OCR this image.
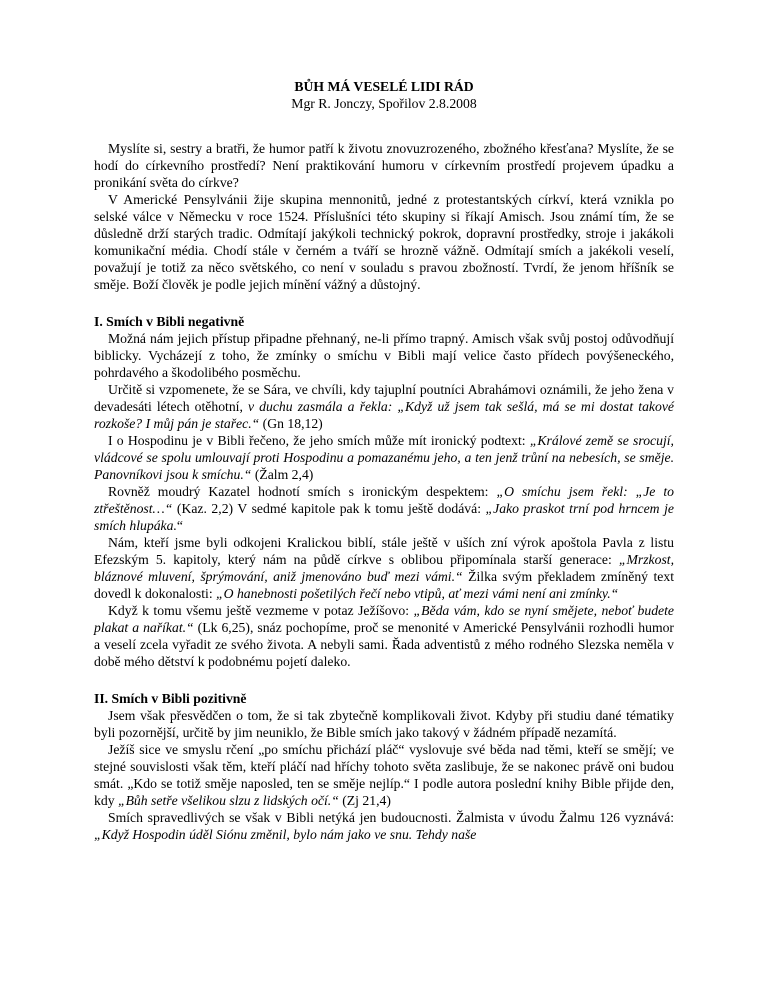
BŮH MÁ VESELÉ LIDI RÁD
Mgr R. Jonczy, Spořilov 2.8.2008

Myslíte si, sestry a bratři, že humor patří k životu znovuzrozeného, zbožného křesťana? Myslíte, že se hodí do církevního prostředí? Není praktikování humoru v církevním prostředí projevem úpadku a pronikání světa do církve?

V Americké Pensylvánii žije skupina mennonitů, jedné z protestantských církví, která vznikla po selské válce v Německu v roce 1524. Příslušníci této skupiny si říkají Amisch. Jsou známí tím, že se důsledně drží starých tradic. Odmítají jakýkoli technický pokrok, dopravní prostředky, stroje i jakákoli komunikační média. Chodí stále v černém a tváří se hrozně vážně. Odmítají smích a jakékoli veselí, považují je totiž za něco světského, co není v souladu s pravou zbožností. Tvrdí, že jenom hříšník se směje. Boží člověk je podle jejich mínění vážný a důstojný.

I. Smích v Bibli negativně

Možná nám jejich přístup připadne přehnaný, ne-li přímo trapný. Amisch však svůj postoj odůvodňují biblicky. Vycházejí z toho, že zmínky o smíchu v Bibli mají velice často přídech povýšeneckého, pohrdavého a škodolibého posměchu.

Určitě si vzpomenete, že se Sára, ve chvíli, kdy tajuplní poutníci Abrahámovi oznámili, že jeho žena v devadesáti létech otěhotní, v duchu zasmála a řekla: „Když už jsem tak sešlá, má se mi dostat takové rozkoše? I můj pán je stařec.“ (Gn 18,12)

I o Hospodinu je v Bibli řečeno, že jeho smích může mít ironický podtext: „Králové země se srocují, vládcové se spolu umlouvají proti Hospodinu a pomazanému jeho, a ten jenž trůní na nebesích, se směje. Panovníkovi jsou k smíchu.“ (Žalm 2,4)

Rovněž moudrý Kazatel hodnotí smích s ironickým despektem: „O smíchu jsem řekl: „Je to ztřeštěnost…“ (Kaz. 2,2) V sedmé kapitole pak k tomu ještě dodává: „Jako praskot trní pod hrncem je smích hlupáka.“

Nám, kteří jsme byli odkojeni Kralickou biblí, stále ještě v uších zní výrok apoštola Pavla z listu Efezským 5. kapitoly, který nám na půdě církve s oblibou připomínala starší generace: „Mrzkost, bláznové mluvení, šprýmování, aniž jmenováno buď mezi vámi.“ Žilka svým překladem zmíněný text dovedl k dokonalosti: „O hanebnosti pošetilých řečí nebo vtipů, ať mezi vámi není ani zmínky.“

Když k tomu všemu ještě vezmeme v potaz Ježíšovo: „Běda vám, kdo se nyní smějete, neboť budete plakat a naříkat.“ (Lk 6,25), snáz pochopíme, proč se menonité v Americké Pensylvánii rozhodli humor a veselí zcela vyřadit ze svého života. A nebyli sami. Řada adventistů z mého rodného Slezska neměla v době mého dětství k podobnému pojetí daleko.

II. Smích v Bibli pozitivně

Jsem však přesvědčen o tom, že si tak zbytečně komplikovali život. Kdyby při studiu dané tématiky byli pozornější, určitě by jim neuniklo, že Bible smích jako takový v žádném případě nezamítá.

Ježíš sice ve smyslu rčení „po smíchu přichází pláč“ vyslovuje své běda nad těmi, kteří se smějí; ve stejné souvislosti však těm, kteří pláčí nad hříchy tohoto světa zaslibuje, že se nakonec právě oni budou smát. „Kdo se totiž směje naposled, ten se směje nejlíp.“ I podle autora poslední knihy Bible přijde den, kdy „Bůh setře všelikou slzu z lidských očí.“ (Zj 21,4)

Smích spravedlivých se však v Bibli netýká jen budoucnosti. Žalmista v úvodu Žalmu 126 vyznává: „Když Hospodin úděl Siónu změnil, bylo nám jako ve snu. Tehdy naše
